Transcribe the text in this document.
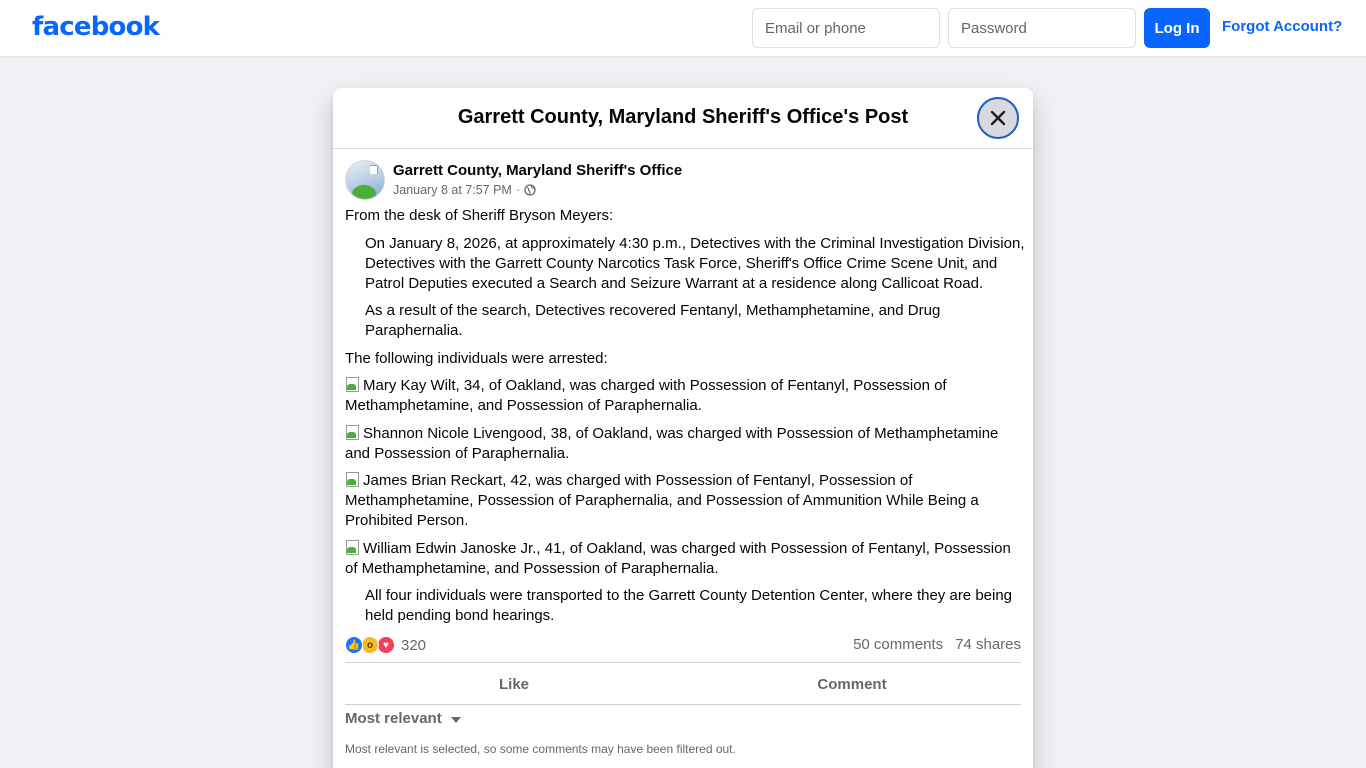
facebook
Email or phone	Log In	Forgot Account?
Garrett County, Maryland Sheriff's Office's Post
Garrett County, Maryland Sheriff's Office
January 8 at 7:57 PM ·

From the desk of Sheriff Bryson Meyers:

On January 8, 2026, at approximately 4:30 p.m., Detectives with the Criminal Investigation Division, Detectives with the Garrett County Narcotics Task Force, Sheriff's Office Crime Scene Unit, and Patrol Deputies executed a Search and Seizure Warrant at a residence along Callicoat Road.

As a result of the search, Detectives recovered Fentanyl, Methamphetamine, and Drug Paraphernalia.

The following individuals were arrested:

Mary Kay Wilt, 34, of Oakland, was charged with Possession of Fentanyl, Possession of Methamphetamine, and Possession of Paraphernalia.

Shannon Nicole Livengood, 38, of Oakland, was charged with Possession of Methamphetamine and Possession of Paraphernalia.

James Brian Reckart, 42, was charged with Possession of Fentanyl, Possession of Methamphetamine, Possession of Paraphernalia, and Possession of Ammunition While Being a Prohibited Person.

William Edwin Janoske Jr., 41, of Oakland, was charged with Possession of Fentanyl, Possession of Methamphetamine, and Possession of Paraphernalia.

All four individuals were transported to the Garrett County Detention Center, where they are being held pending bond hearings.

👍 o ♥ 320	50 comments 74 shares
Like	Comment
Most relevant
Most relevant is selected, so some comments may have been filtered out.
